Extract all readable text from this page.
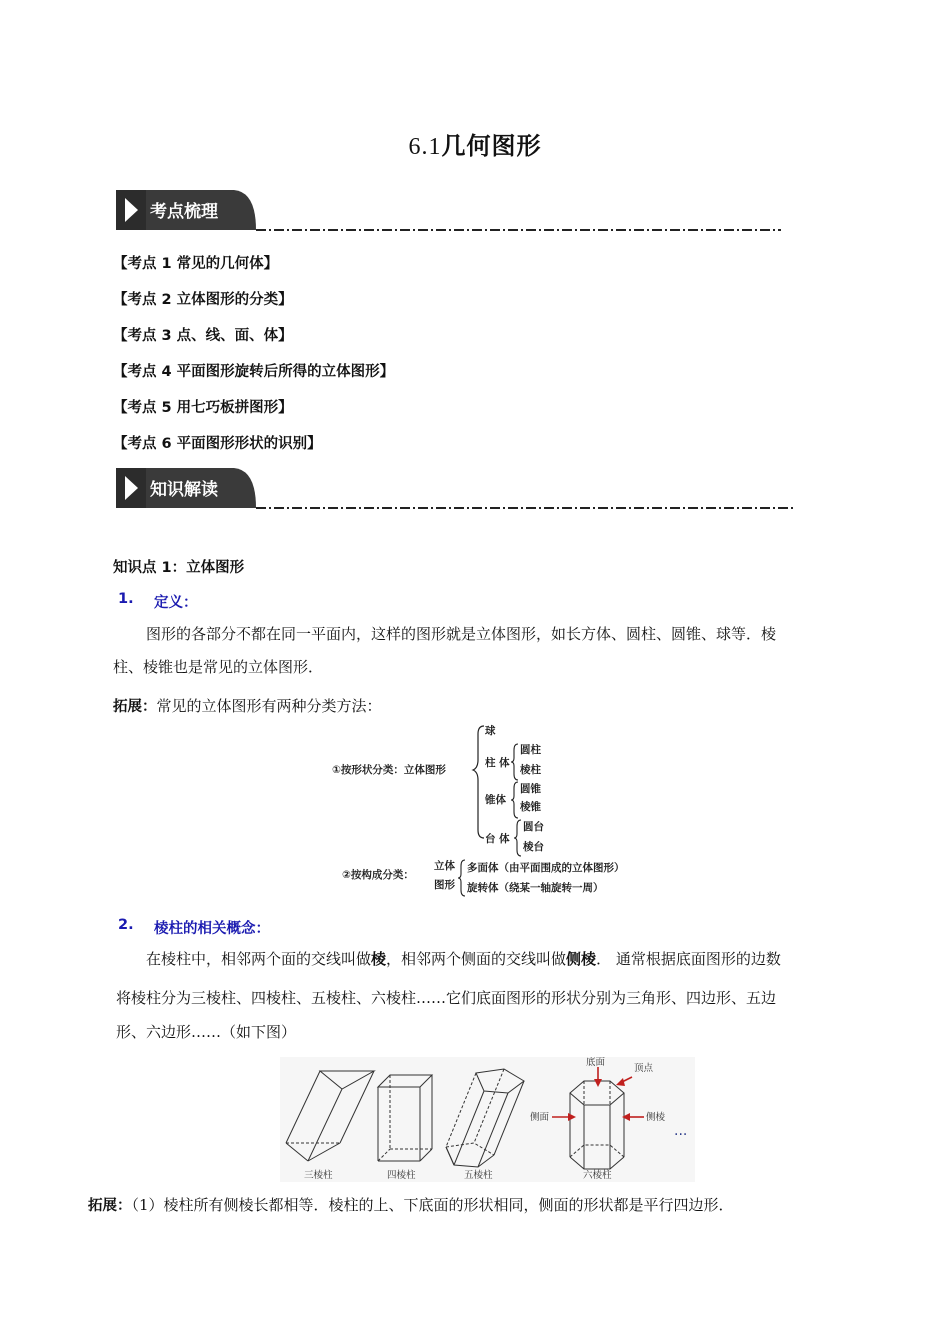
6.1几何图形
考点梳理
【考点 1 常见的几何体】
【考点 2 立体图形的分类】
【考点 3 点、线、面、体】
【考点 4 平面图形旋转后所得的立体图形】
【考点 5 用七巧板拼图形】
【考点 6 平面图形形状的识别】
知识解读
知识点 1：立体图形
1. 定义：
图形的各部分不都在同一平面内，这样的图形就是立体图形，如长方体、圆柱、圆锥、球等．棱
柱、棱锥也是常见的立体图形．
拓展：常见的立体图形有两种分类方法：
①按形状分类：立体图形
球
柱 体
圆柱
棱柱
锥体
圆锥
棱锥
台 体
圆台
棱台
②按构成分类：
立体
图形
多面体（由平面围成的立体图形）
旋转体（绕某一轴旋转一周）
2. 棱柱的相关概念：
在棱柱中，相邻两个面的交线叫做棱，相邻两个侧面的交线叫做侧棱． 通常根据底面图形的边数
将棱柱分为三棱柱、四棱柱、五棱柱、六棱柱……它们底面图形的形状分别为三角形、四边形、五边
形、六边形……（如下图）
底面
顶点
侧面	侧棱
···
三棱柱	四棱柱	五棱柱	六棱柱
拓展：（1）棱柱所有侧棱长都相等．棱柱的上、下底面的形状相同，侧面的形状都是平行四边形．
